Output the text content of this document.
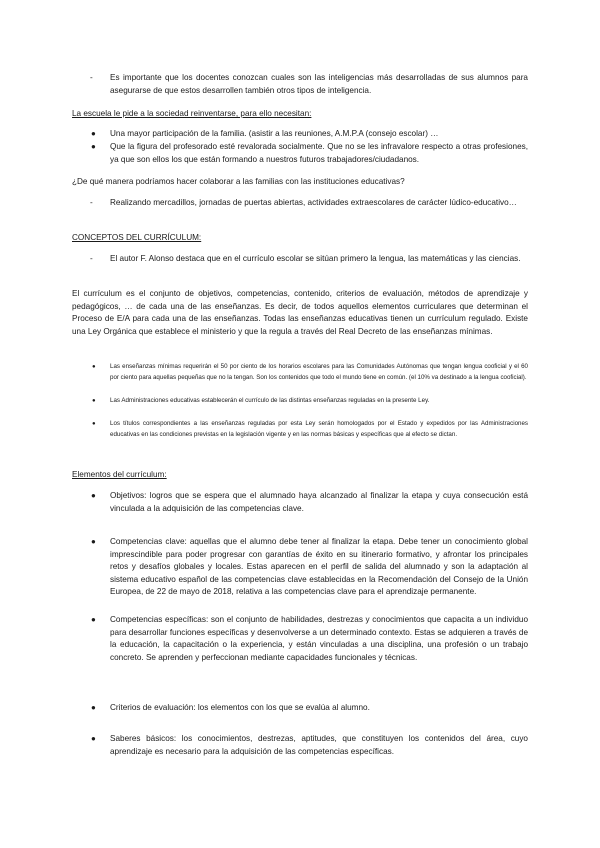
- Es importante que los docentes conozcan cuales son las inteligencias más desarrolladas de sus alumnos para asegurarse de que estos desarrollen también otros tipos de inteligencia.

La escuela le pide a la sociedad reinventarse, para ello necesitan:

● Una mayor participación de la familia. (asistir a las reuniones, A.M.P.A (consejo escolar) …
● Que la figura del profesorado esté revalorada socialmente. Que no se les infravalore respecto a otras profesiones, ya que son ellos los que están formando a nuestros futuros trabajadores/ciudadanos.

¿De qué manera podríamos hacer colaborar a las familias con las instituciones educativas?

- Realizando mercadillos, jornadas de puertas abiertas, actividades extraescolares de carácter lúdico-educativo…

CONCEPTOS DEL CURRÍCULUM:

- El autor F. Alonso destaca que en el currículo escolar se sitúan primero la lengua, las matemáticas y las ciencias.

El currículum es el conjunto de objetivos, competencias, contenido, criterios de evaluación, métodos de aprendizaje y pedagógicos, … de cada una de las enseñanzas. Es decir, de todos aquellos elementos curriculares que determinan el Proceso de E/A para cada una de las enseñanzas. Todas las enseñanzas educativas tienen un currículum regulado. Existe una Ley Orgánica que establece el ministerio y que la regula a través del Real Decreto de las enseñanzas mínimas.

● Las enseñanzas mínimas requerirán el 50 por ciento de los horarios escolares para las Comunidades Autónomas que tengan lengua cooficial y el 60 por ciento para aquellas pequeñas que no la tengan. Son los contenidos que todo el mundo tiene en común. (el 10% va destinado a la lengua cooficial).
● Las Administraciones educativas establecerán el currículo de las distintas enseñanzas reguladas en la presente Ley.
● Los títulos correspondientes a las enseñanzas reguladas por esta Ley serán homologados por el Estado y expedidos por las Administraciones educativas en las condiciones previstas en la legislación vigente y en las normas básicas y específicas que al efecto se dictan.

Elementos del currículum:

● Objetivos: logros que se espera que el alumnado haya alcanzado al finalizar la etapa y cuya consecución está vinculada a la adquisición de las competencias clave.
● Competencias clave: aquellas que el alumno debe tener al finalizar la etapa. Debe tener un conocimiento global imprescindible para poder progresar con garantías de éxito en su itinerario formativo, y afrontar los principales retos y desafíos globales y locales. Estas aparecen en el perfil de salida del alumnado y son la adaptación al sistema educativo español de las competencias clave establecidas en la Recomendación del Consejo de la Unión Europea, de 22 de mayo de 2018, relativa a las competencias clave para el aprendizaje permanente.
● Competencias específicas: son el conjunto de habilidades, destrezas y conocimientos que capacita a un individuo para desarrollar funciones específicas y desenvolverse a un determinado contexto. Estas se adquieren a través de la educación, la capacitación o la experiencia, y están vinculadas a una disciplina, una profesión o un trabajo concreto. Se aprenden y perfeccionan mediante capacidades funcionales y técnicas.
● Criterios de evaluación: los elementos con los que se evalúa al alumno.
● Saberes básicos: los conocimientos, destrezas, aptitudes, que constituyen los contenidos del área, cuyo aprendizaje es necesario para la adquisición de las competencias específicas.
